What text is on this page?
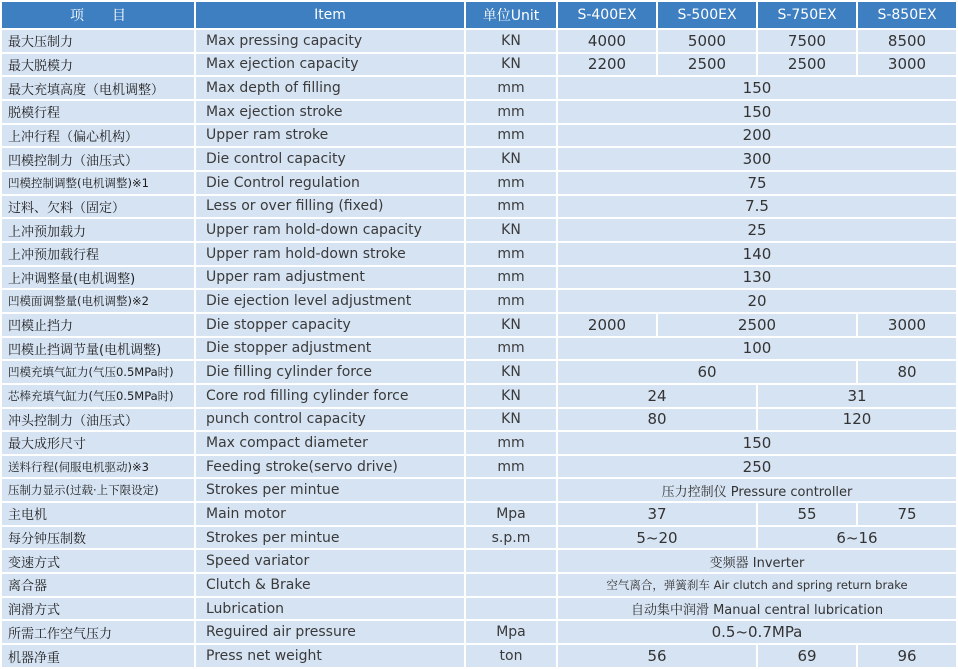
项　　目	Item	单位Unit	S-400EX	S-500EX	S-750EX	S-850EX
最大压制力	Max pressing capacity	KN	4000	5000	7500	8500
最大脱模力	Max ejection capacity	KN	2200	2500	2500	3000
最大充填高度（电机调整）	Max depth of filling	mm	150			
脱模行程	Max ejection stroke	mm	150			
上冲行程（偏心机构）	Upper ram stroke	mm	200			
凹模控制力（油压式）	Die control capacity	KN	300			
凹模控制调整(电机调整)※1	Die Control regulation	mm	75			
过料、欠料（固定）	Less or over filling (fixed)	mm	7.5			
上冲预加载力	Upper ram hold-down capacity	KN	25			
上冲预加载行程	Upper ram hold-down stroke	mm	140			
上冲调整量(电机调整)	Upper ram adjustment	mm	130			
凹模面调整量(电机调整)※2	Die ejection level adjustment	mm	20			
凹模止挡力	Die stopper capacity	KN	2000	2500		3000
凹模止挡调节量(电机调整)	Die stopper adjustment	mm	100			
凹模充填气缸力(气压0.5MPa时)	Die filling cylinder force	KN	60			80
芯棒充填气缸力(气压0.5MPa时)	Core rod filling cylinder force	KN	24		31	
冲头控制力（油压式）	punch control capacity	KN	80		120	
最大成形尺寸	Max compact diameter	mm	150			
送料行程(伺服电机驱动)※3	Feeding stroke(servo drive)	mm	250			
压制力显示(过载·上下限设定)	Strokes per mintue		压力控制仪 Pressure controller			
主电机	Main motor	Mpa	37		55	75
每分钟压制数	Strokes per mintue	s.p.m	5~20		6~16	
变速方式	Speed variator		变频器 Inverter			
离合器	Clutch & Brake		空气离合，弹簧刹车 Air clutch and spring return brake			
润滑方式	Lubrication		自动集中润滑 Manual central lubrication			
所需工作空气压力	Reguired air pressure	Mpa	0.5~0.7MPa			
机器净重	Press net weight	ton	56		69	96
